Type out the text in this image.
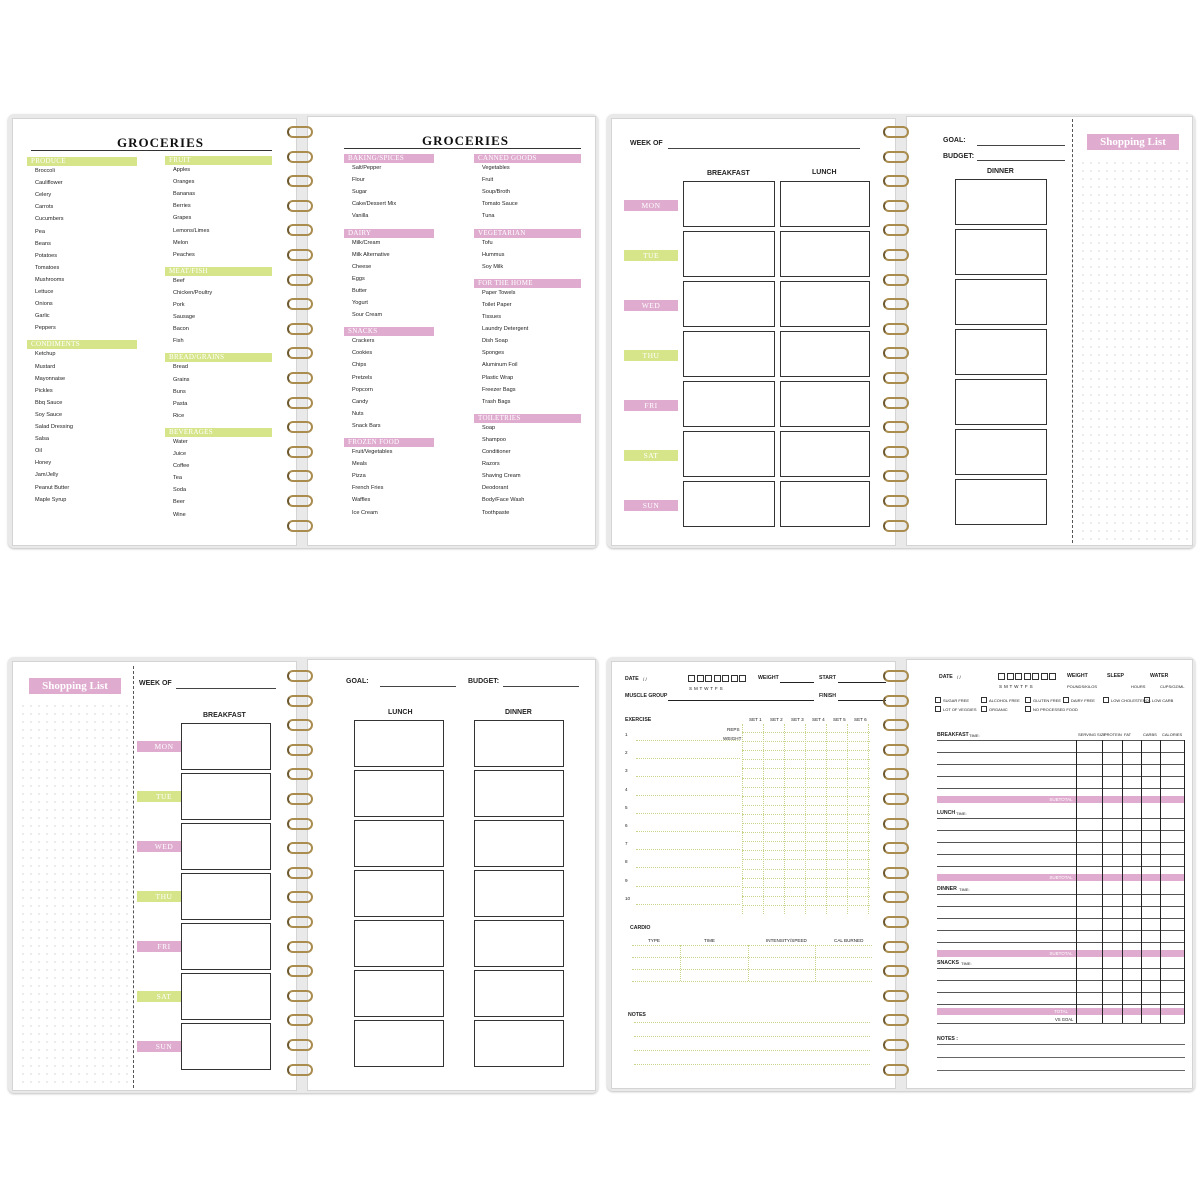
GROCERIES
PRODUCE
Broccoli
Cauliflower
Celery
Carrots
Cucumbers
Pea
Beans
Potatoes
Tomatoes
Mushrooms
Lettuce
Onions
Garlic
Peppers
CONDIMENTS
Ketchup
Mustard
Mayonnaise
Pickles
Bbq Sauce
Soy Sauce
Salad Dressing
Salsa
Oil
Honey
Jam/Jelly
Peanut Butter
Maple Syrup
FRUIT
Apples
Oranges
Bananas
Berries
Grapes
Lemons/Limes
Melon
Peaches
MEAT/FISH
Beef
Chicken/Poultry
Pork
Sausage
Bacon
Fish
BREAD/GRAINS
Bread
Grains
Buns
Pasta
Rice
BEVERAGES
Water
Juice
Coffee
Tea
Soda
Beer
Wine
GROCERIES
BAKING/SPICES
Salt/Pepper
Flour
Sugar
Cake/Dessert Mix
Vanilla
DAIRY
Milk/Cream
Milk Alternative
Cheese
Eggs
Butter
Yogurt
Sour Cream
SNACKS
Crackers
Cookies
Chips
Pretzels
Popcorn
Candy
Nuts
Snack Bars
FROZEN FOOD
Fruit/Vegetables
Meals
Pizza
French Fries
Waffles
Ice Cream
CANNED GOODS
Vegetables
Fruit
Soup/Broth
Tomato Sauce
Tuna
VEGETARIAN
Tofu
Hummus
Soy Milk
FOR THE HOME
Paper Towels
Toilet Paper
Tissues
Laundry Detergent
Dish Soap
Sponges
Aluminum Foil
Plastic Wrap
Freezer Bags
Trash Bags
TOILETRIES
Soap
Shampoo
Conditioner
Razors
Shaving Cream
Deodorant
Body/Face Wash
Toothpaste
WEEK OF
BREAKFAST	LUNCH
MON
TUE
WED
THU
FRI
SAT
SUN
GOAL:
BUDGET:
DINNER
Shopping List
Shopping List	WEEK OF
BREAKFAST
MON
TUE
WED
THU
FRI
SAT
SUN
GOAL:	BUDGET:
LUNCH	DINNER
DATE / /
S M T W T F S
WEIGHT	START
MUSCLE GROUP	FINISH
EXERCISE
REPS
WEIGHT
SET 1 SET 2 SET 3 SET 4 SET 5 SET 6
1
2
3
4
5
6
7
8
9
10
CARDIO
TYPE	TIME	INTENSITY/SPEED	CAL BURNED
NOTES
DATE / /
S M T W T F S
WEIGHT
POUNDS/KILOS
SLEEP
HOURS
WATER
CUPS/OZ/ML
SUGAR FREE	ALCOHOL FREE	GLUTEN FREE DAIRY FREE	LOW CHOLESTEROL LOW CARB
LOT OF VEGGIES	ORGANIC	NO PROCESSED FOOD
SERVING SIZE
PROTEIN FAT	CARBS CALORIES
BREAKFAST TIME:
SUBTOTAL
LUNCH TIME:
SUBTOTAL
DINNER TIME:
SUBTOTAL
SNACKS TIME:
TOTAL
VS GOAL
NOTES :
